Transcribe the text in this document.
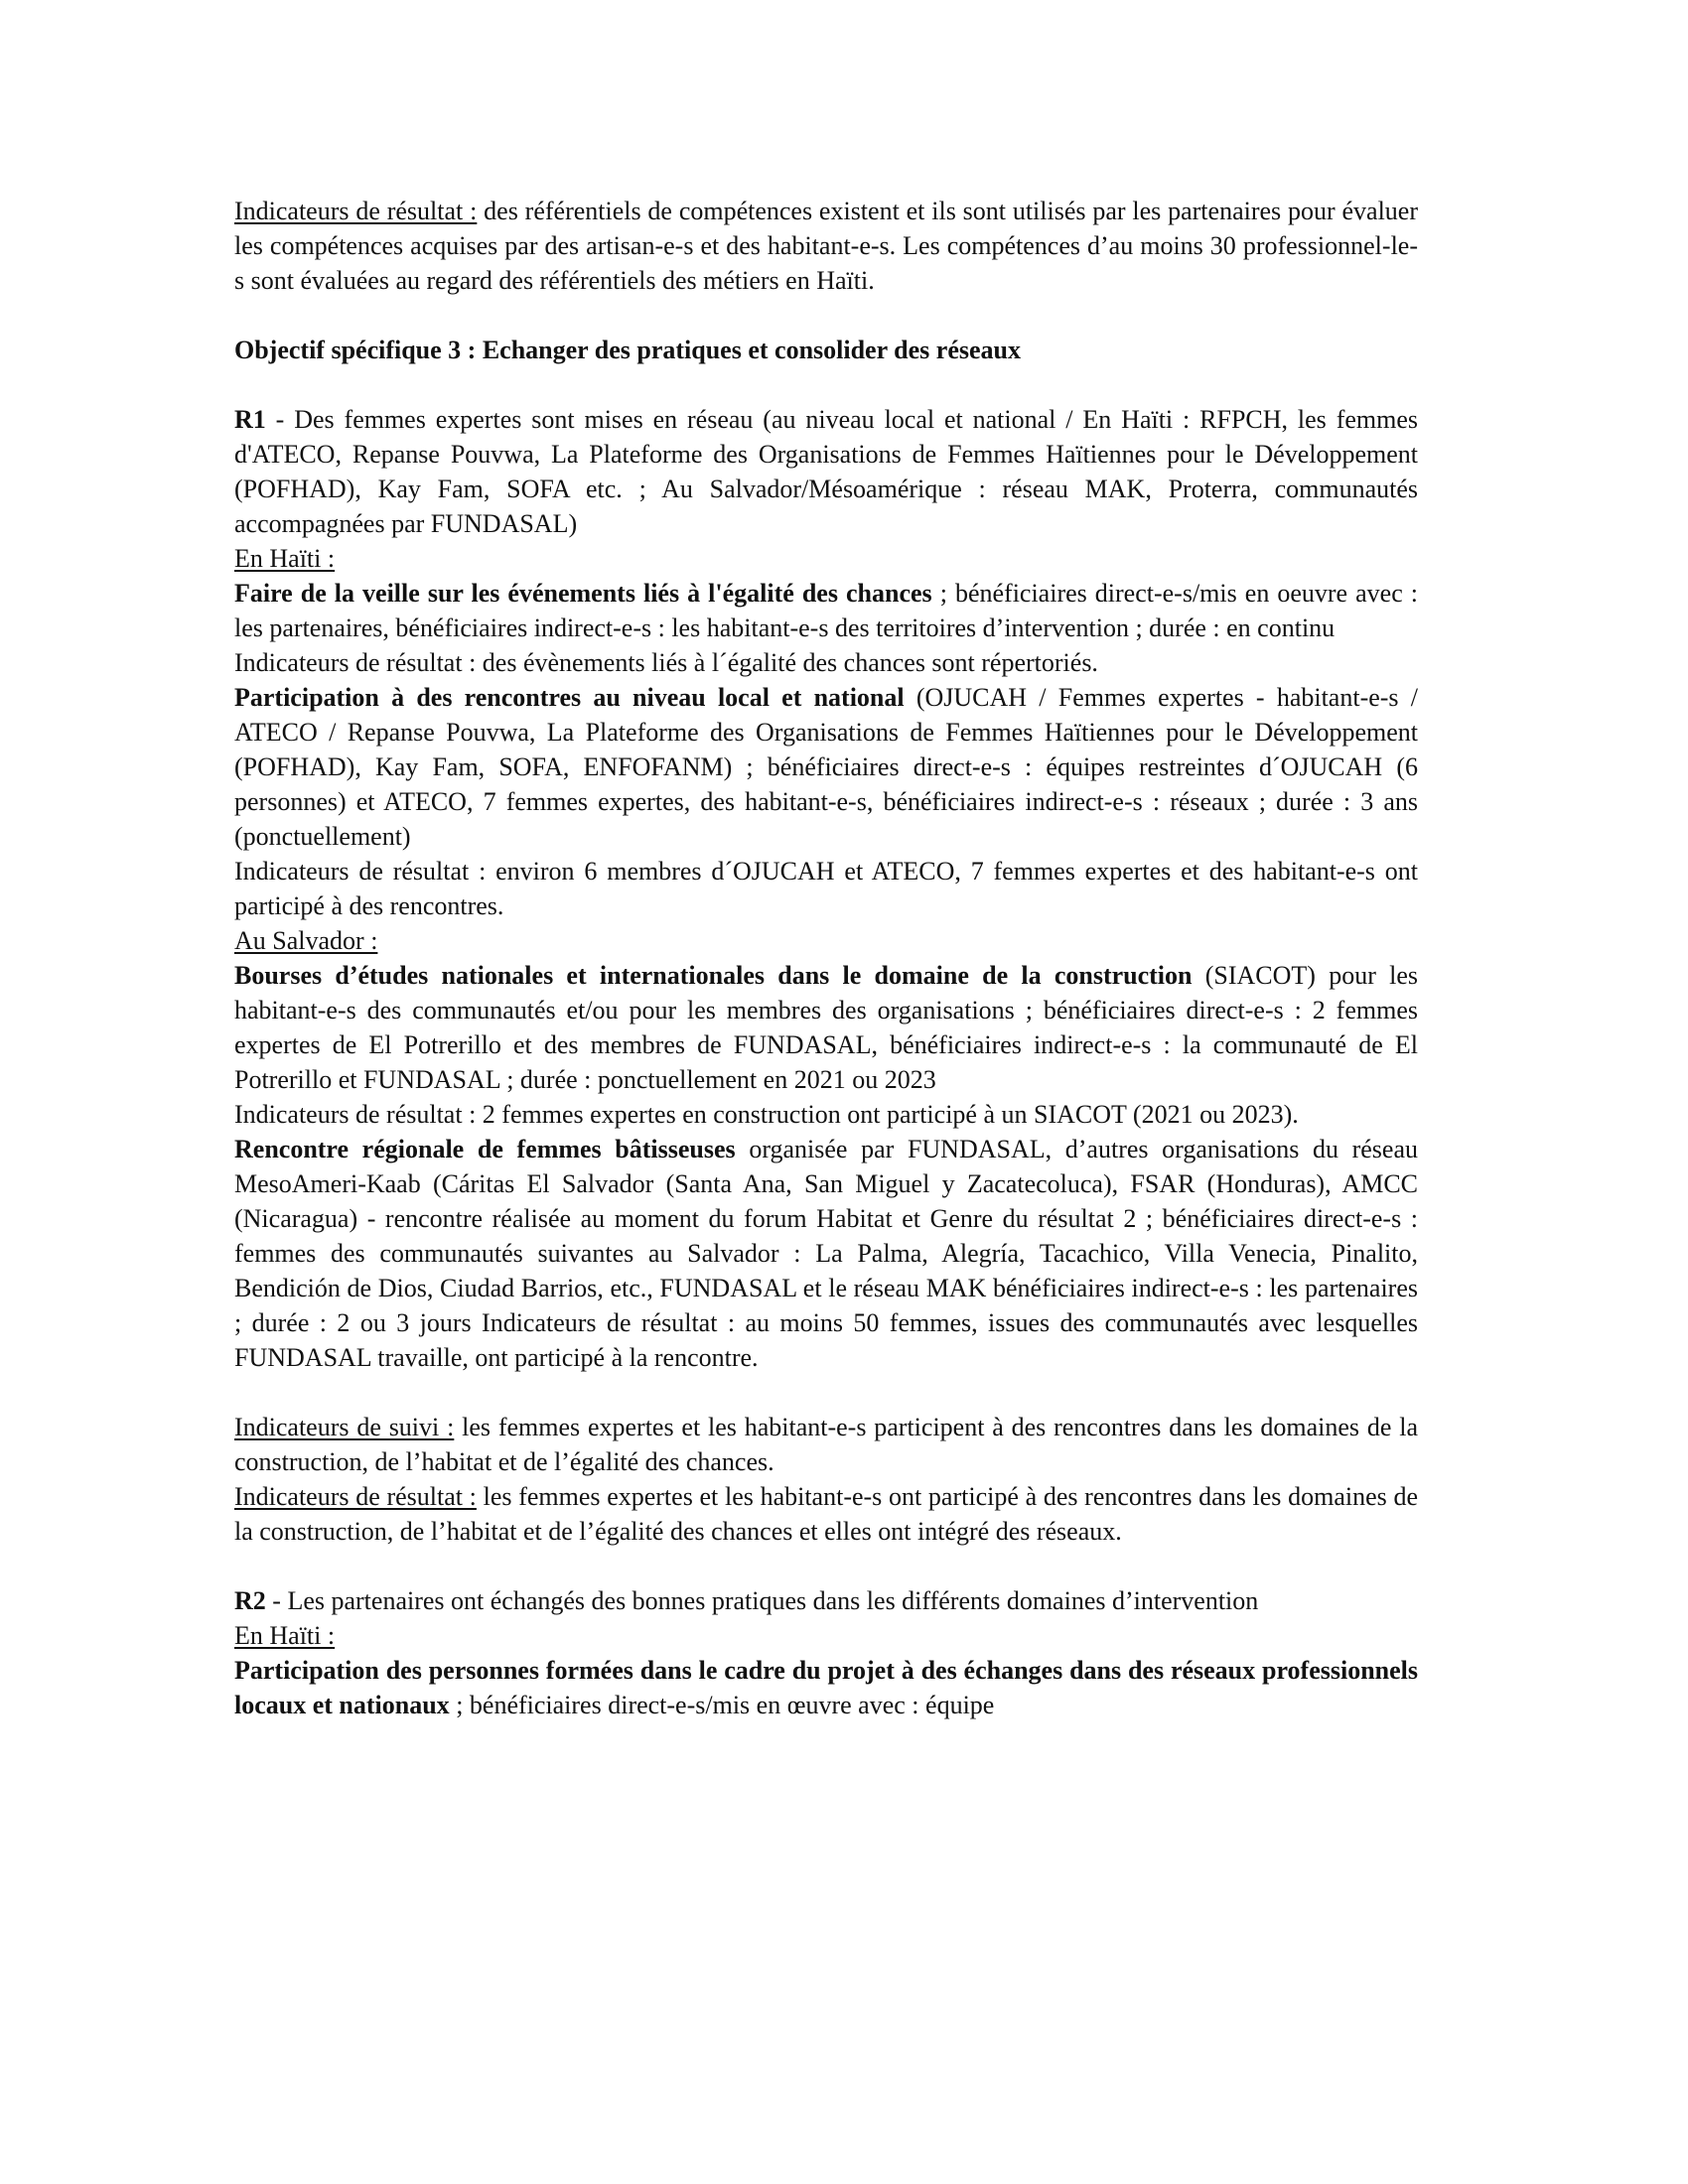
Indicateurs de résultat : des référentiels de compétences existent et ils sont utilisés par les partenaires pour évaluer les compétences acquises par des artisan-e-s et des habitant-e-s. Les compétences d’au moins 30 professionnel-le-s sont évaluées au regard des référentiels des métiers en Haïti.

Objectif spécifique 3 : Echanger des pratiques et consolider des réseaux

R1 - Des femmes expertes sont mises en réseau (au niveau local et national / En Haïti : RFPCH, les femmes d'ATECO, Repanse Pouvwa, La Plateforme des Organisations de Femmes Haïtiennes pour le Développement (POFHAD), Kay Fam, SOFA etc. ; Au Salvador/Mésoamérique : réseau MAK, Proterra, communautés accompagnées par FUNDASAL)

En Haïti :

Faire de la veille sur les événements liés à l'égalité des chances ; bénéficiaires direct-e-s/mis en oeuvre avec : les partenaires, bénéficiaires indirect-e-s : les habitant-e-s des territoires d’intervention ; durée : en continu

Indicateurs de résultat : des évènements liés à l´égalité des chances sont répertoriés.

Participation à des rencontres au niveau local et national (OJUCAH / Femmes expertes - habitant-e-s / ATECO / Repanse Pouvwa, La Plateforme des Organisations de Femmes Haïtiennes pour le Développement (POFHAD), Kay Fam, SOFA, ENFOFANM) ; bénéficiaires direct-e-s : équipes restreintes d´OJUCAH (6 personnes) et ATECO, 7 femmes expertes, des habitant-e-s, bénéficiaires indirect-e-s : réseaux ; durée : 3 ans (ponctuellement)

Indicateurs de résultat : environ 6 membres d´OJUCAH et ATECO, 7 femmes expertes et des habitant-e-s ont participé à des rencontres.

Au Salvador :

Bourses d’études nationales et internationales dans le domaine de la construction (SIACOT) pour les habitant-e-s des communautés et/ou pour les membres des organisations ; bénéficiaires direct-e-s : 2 femmes expertes de El Potrerillo et des membres de FUNDASAL, bénéficiaires indirect-e-s : la communauté de El Potrerillo et FUNDASAL ; durée : ponctuellement en 2021 ou 2023

Indicateurs de résultat : 2 femmes expertes en construction ont participé à un SIACOT (2021 ou 2023).

Rencontre régionale de femmes bâtisseuses organisée par FUNDASAL, d’autres organisations du réseau MesoAmeri-Kaab (Cáritas El Salvador (Santa Ana, San Miguel y Zacatecoluca), FSAR (Honduras), AMCC (Nicaragua) - rencontre réalisée au moment du forum Habitat et Genre du résultat 2 ; bénéficiaires direct-e-s : femmes des communautés suivantes au Salvador : La Palma, Alegría, Tacachico, Villa Venecia, Pinalito, Bendición de Dios, Ciudad Barrios, etc., FUNDASAL et le réseau MAK bénéficiaires indirect-e-s : les partenaires ; durée : 2 ou 3 jours Indicateurs de résultat : au moins 50 femmes, issues des communautés avec lesquelles FUNDASAL travaille, ont participé à la rencontre.

Indicateurs de suivi : les femmes expertes et les habitant-e-s participent à des rencontres dans les domaines de la construction, de l’habitat et de l’égalité des chances.

Indicateurs de résultat : les femmes expertes et les habitant-e-s ont participé à des rencontres dans les domaines de la construction, de l’habitat et de l’égalité des chances et elles ont intégré des réseaux.

R2 - Les partenaires ont échangés des bonnes pratiques dans les différents domaines d’intervention

En Haïti :

Participation des personnes formées dans le cadre du projet à des échanges dans des réseaux professionnels locaux et nationaux ; bénéficiaires direct-e-s/mis en œuvre avec : équipe
